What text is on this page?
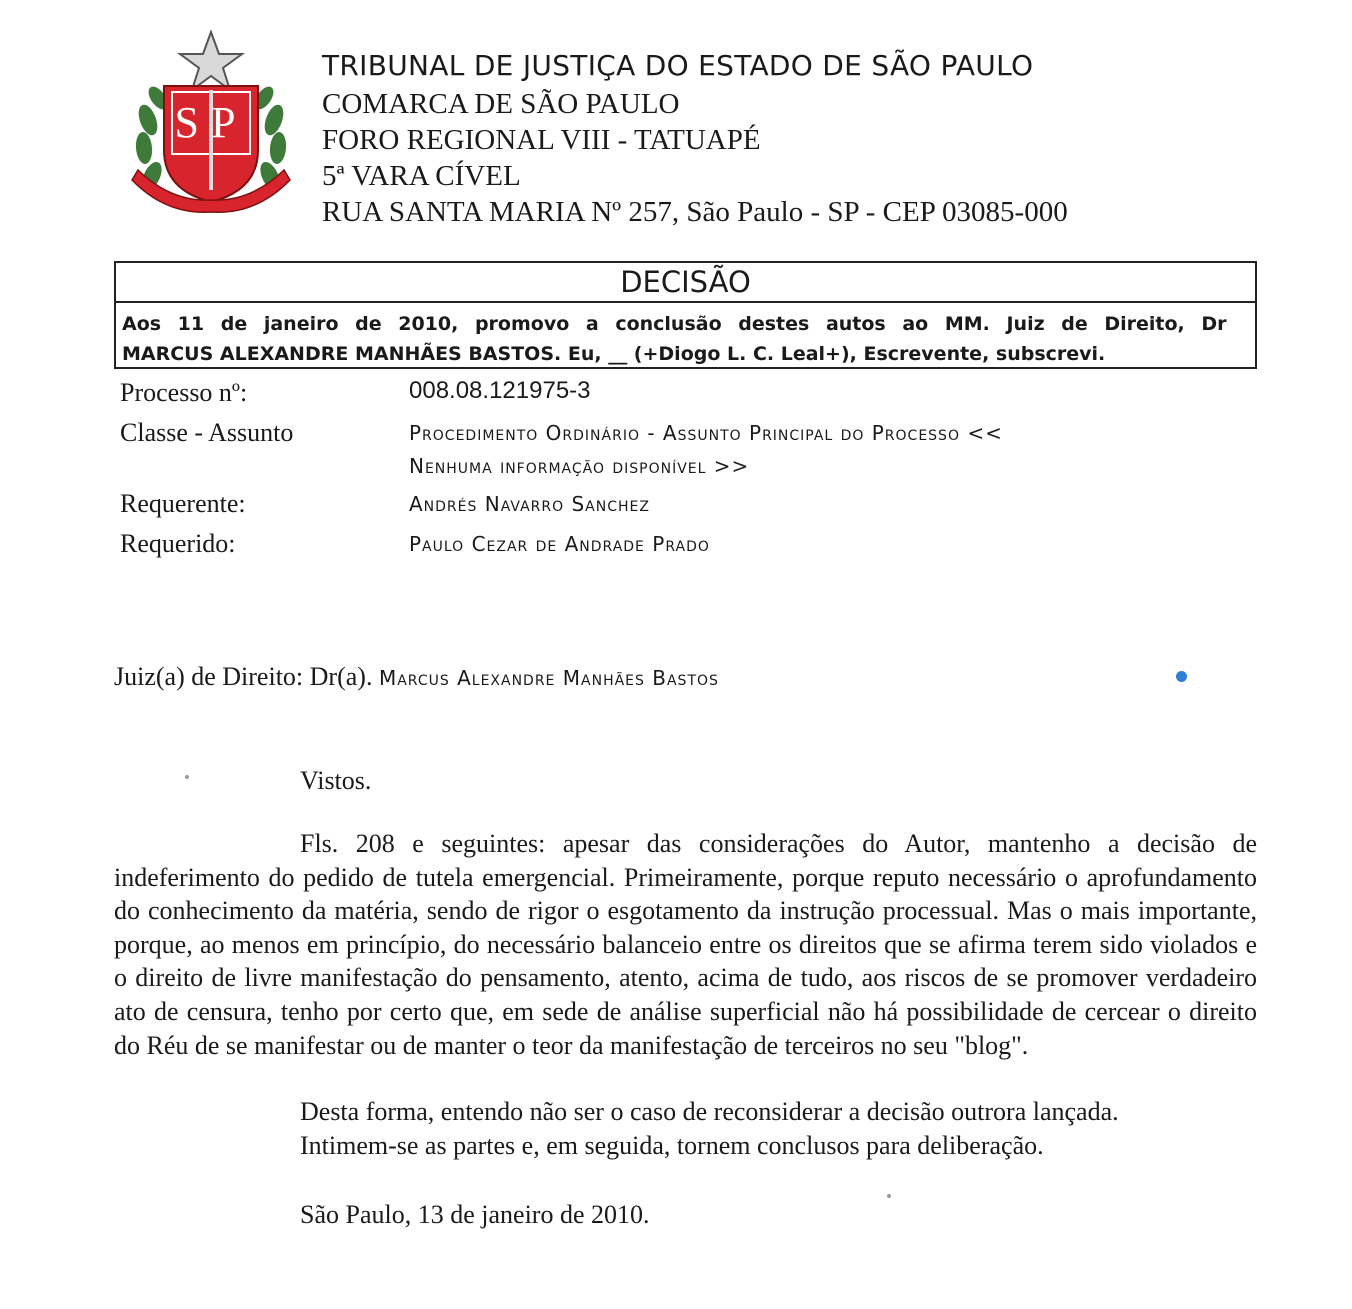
SP
TRIBUNAL DE JUSTIÇA DO ESTADO DE SÃO PAULO
COMARCA DE SÃO PAULO
FORO REGIONAL VIII - TATUAPÉ
5ª VARA CÍVEL
RUA SANTA MARIA Nº 257, São Paulo - SP - CEP 03085-000
DECISÃO
Aos 11 de janeiro de 2010, promovo a conclusão destes autos ao MM. Juiz de Direito, Dr
MARCUS ALEXANDRE MANHÃES BASTOS. Eu, __ (+Diogo L. C. Leal+), Escrevente, subscrevi.
Processo nº:	008.08.121975-3
Classe - Assunto	Procedimento Ordinário - Assunto Principal do Processo <<
Nenhuma informação disponível >>
Requerente:	Andrés Navarro Sanchez
Requerido:	Paulo Cezar de Andrade Prado
Juiz(a) de Direito: Dr(a). Marcus Alexandre Manhães Bastos
Vistos.
Fls. 208 e seguintes: apesar das considerações do Autor, mantenho a decisão de indeferimento do pedido de tutela emergencial. Primeiramente, porque reputo necessário o aprofundamento do conhecimento da matéria, sendo de rigor o esgotamento da instrução processual. Mas o mais importante, porque, ao menos em princípio, do necessário balanceio entre os direitos que se afirma terem sido violados e o direito de livre manifestação do pensamento, atento, acima de tudo, aos riscos de se promover verdadeiro ato de censura, tenho por certo que, em sede de análise superficial não há possibilidade de cercear o direito do Réu de se manifestar ou de manter o teor da manifestação de terceiros no seu "blog".
Desta forma, entendo não ser o caso de reconsiderar a decisão outrora lançada.
Intimem-se as partes e, em seguida, tornem conclusos para deliberação.
São Paulo, 13 de janeiro de 2010.
